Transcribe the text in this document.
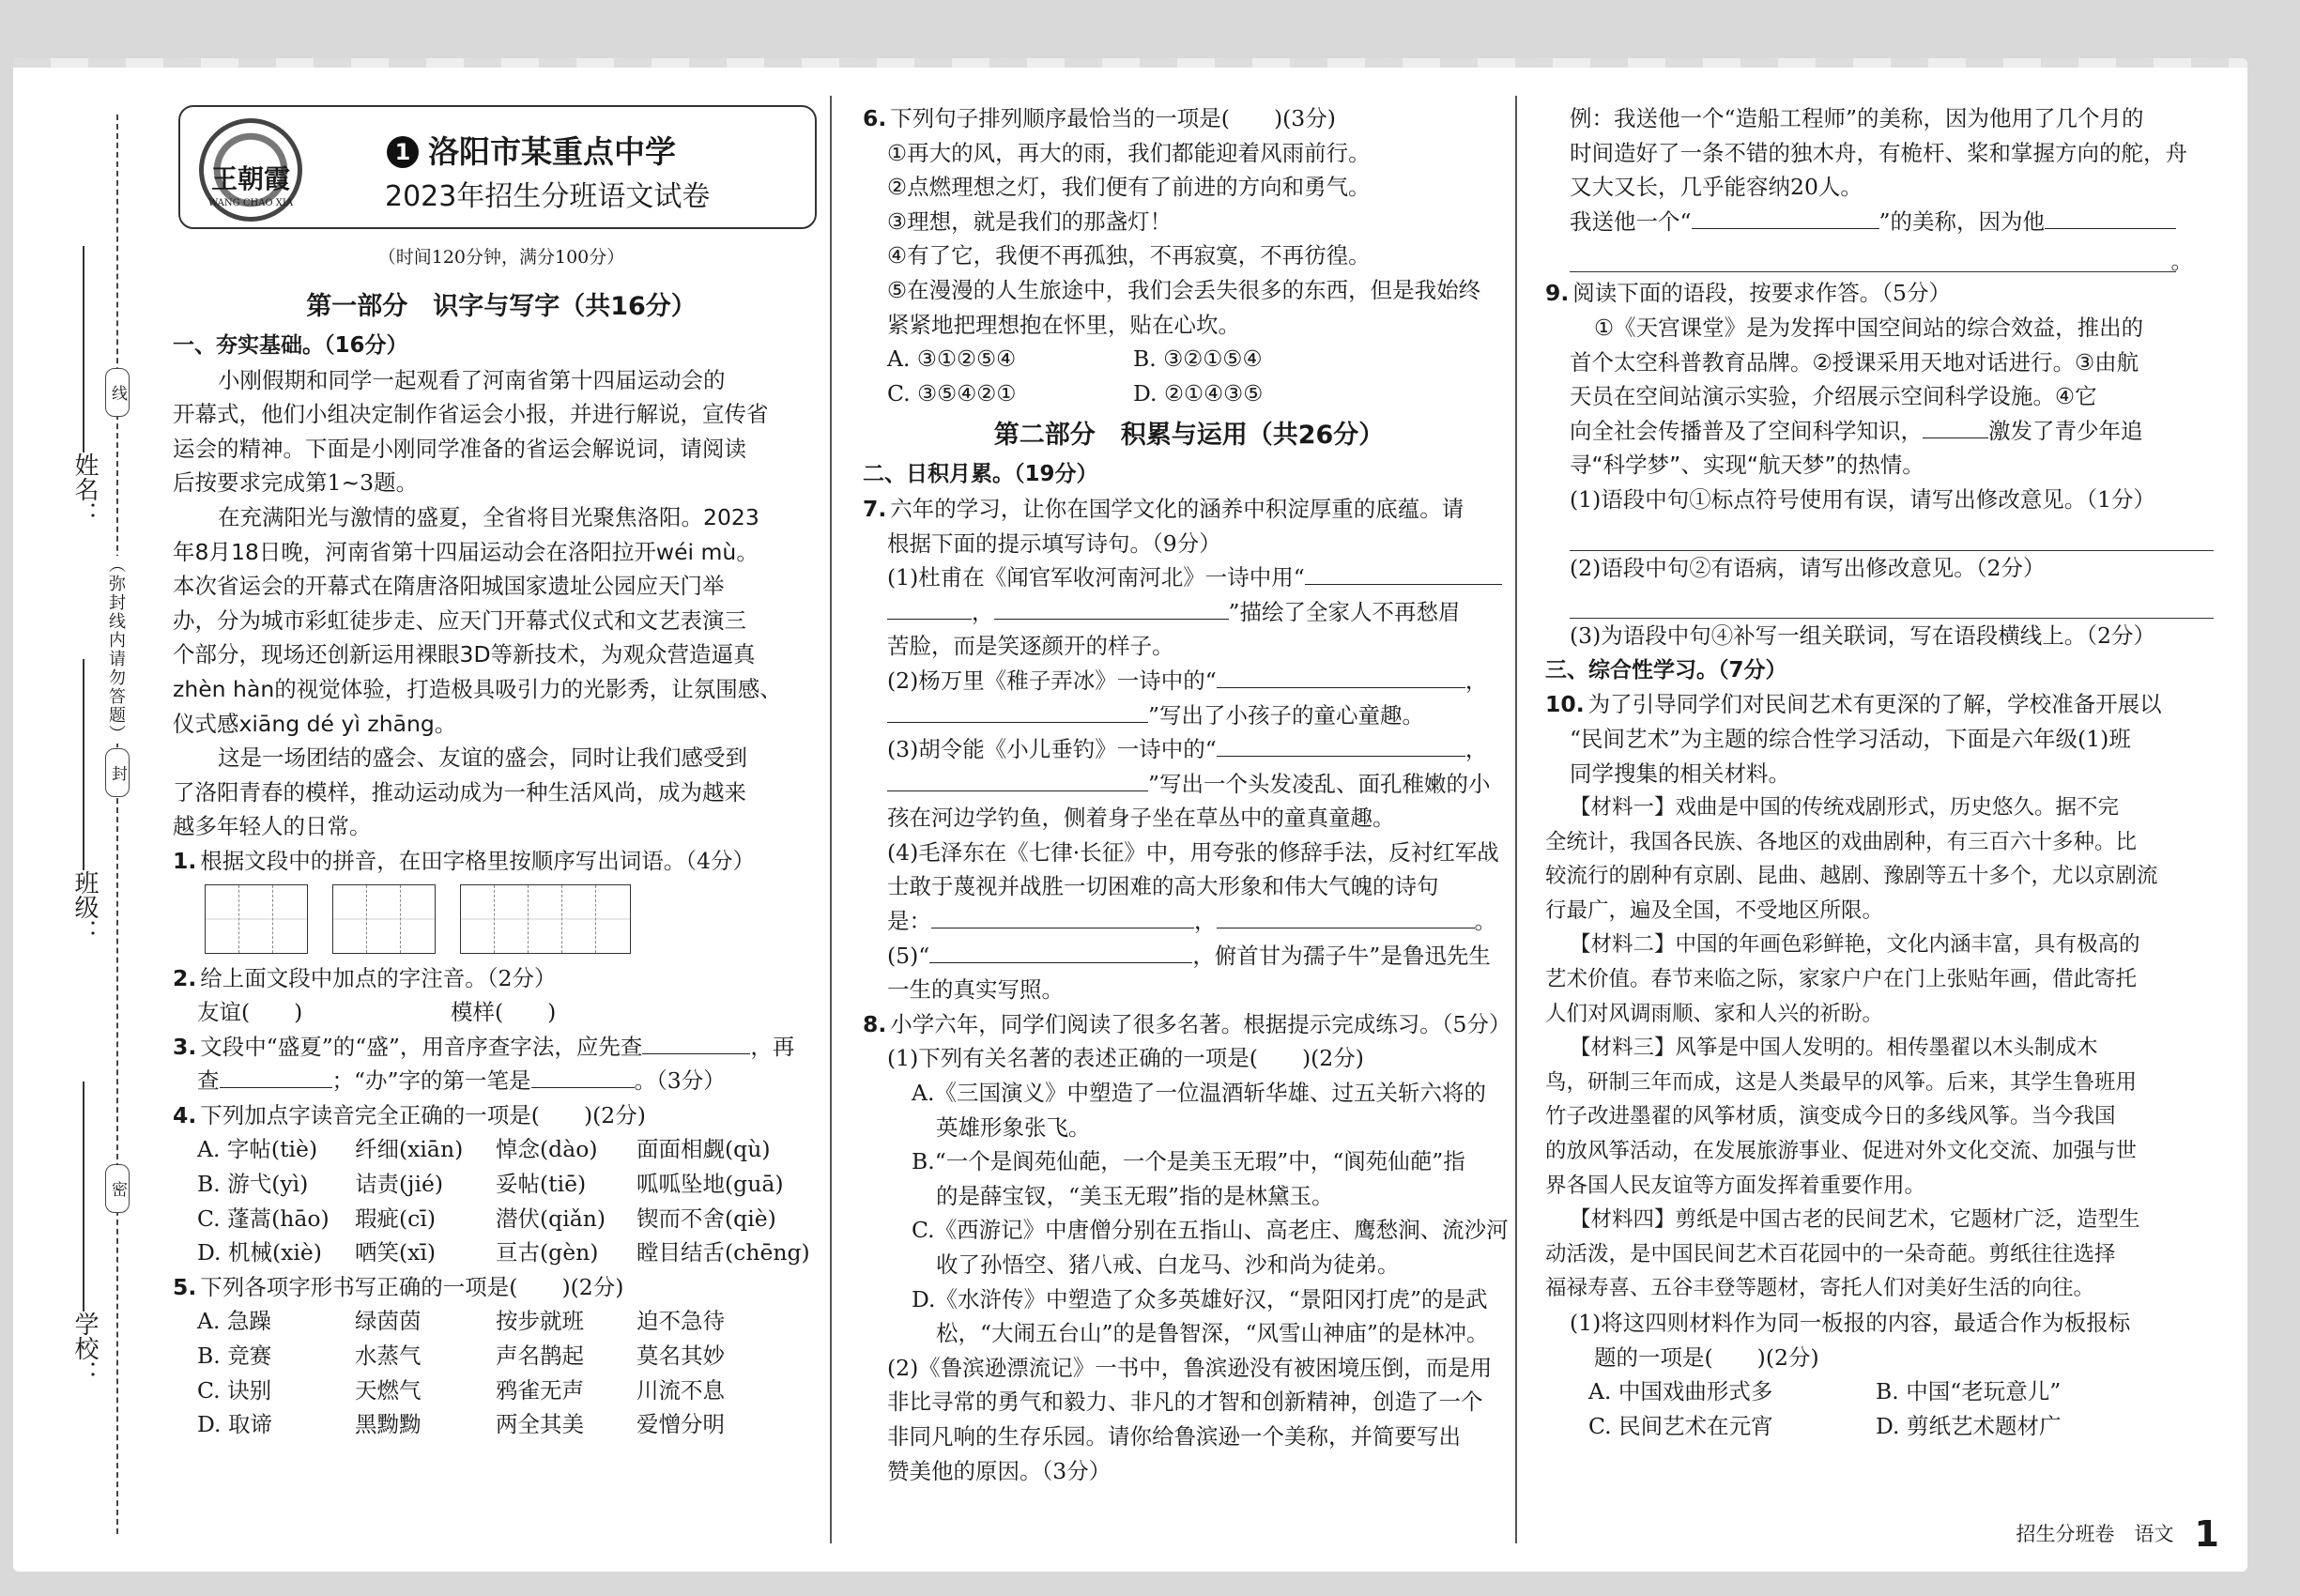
姓名：
班级：
学校：
线
封
密
（弥封线内请勿答题）
王朝霞
WANG CHAO XIA
1 洛阳市某重点中学
2023年招生分班语文试卷
（时间120分钟，满分100分）
第一部分　识字与写字（共16分）
一、夯实基础。（16分）
小刚假期和同学一起观看了河南省第十四届运动会的
开幕式，他们小组决定制作省运会小报，并进行解说，宣传省
运会的精神。下面是小刚同学准备的省运会解说词，请阅读
后按要求完成第1~3题。
在充满阳光与激情的盛夏，全省将目光聚焦洛阳。2023
年8月18日晚，河南省第十四届运动会在洛阳拉开wéi mù。
本次省运会的开幕式在隋唐洛阳城国家遗址公园应天门举
办，分为城市彩虹徒步走、应天门开幕式仪式和文艺表演三
个部分，现场还创新运用裸眼3D等新技术，为观众营造逼真
zhèn hàn的视觉体验，打造极具吸引力的光影秀，让氛围感、
仪式感xiāng dé yì zhāng。
这是一场团结的盛会、友谊的盛会，同时让我们感受到
了洛阳青春的模样，推动运动成为一种生活风尚，成为越来
越多年轻人的日常。
1. 根据文段中的拼音，在田字格里按顺序写出词语。（4分）
2. 给上面文段中加点的字注音。（2分）
友谊(　　)	模样(　　)
3. 文段中“盛夏”的“盛”，用音序查字法，应先查	，再
查	；“办”字的第一笔是	。（3分）
4. 下列加点字读音完全正确的一项是(　　)(2分)
A. 字帖(tiè)	纤细(xiān)	悼念(dào)	面面相觑(qù)
B. 游弋(yì)	诘责(jié)	妥帖(tiē)	呱呱坠地(guā)
C. 蓬蒿(hāo)	瑕疵(cī)	潜伏(qiǎn)	锲而不舍(qiè)
D. 机械(xiè)	哂笑(xī)	亘古(gèn)	瞠目结舌(chēng)
5. 下列各项字形书写正确的一项是(　　)(2分)
A. 急躁	绿茵茵	按步就班	迫不急待
B. 竞赛	水蒸气	声名鹊起	莫名其妙
C. 诀别	天燃气	鸦雀无声	川流不息
D. 取谛	黑黝黝	两全其美	爱憎分明
6. 下列句子排列顺序最恰当的一项是(　　)(3分)
①再大的风，再大的雨，我们都能迎着风雨前行。
②点燃理想之灯，我们便有了前进的方向和勇气。
③理想，就是我们的那盏灯！
④有了它，我便不再孤独，不再寂寞，不再彷徨。
⑤在漫漫的人生旅途中，我们会丢失很多的东西，但是我始终
紧紧地把理想抱在怀里，贴在心坎。
A. ③①②⑤④	B. ③②①⑤④
C. ③⑤④②①	D. ②①④③⑤
第二部分　积累与运用（共26分）
二、日积月累。（19分）
7. 六年的学习，让你在国学文化的涵养中积淀厚重的底蕴。请
根据下面的提示填写诗句。（9分）
(1)杜甫在《闻官军收河南河北》一诗中用“
，	”描绘了全家人不再愁眉
苦脸，而是笑逐颜开的样子。
(2)杨万里《稚子弄冰》一诗中的“	，
”写出了小孩子的童心童趣。
(3)胡令能《小儿垂钓》一诗中的“	，
”写出一个头发凌乱、面孔稚嫩的小
孩在河边学钓鱼，侧着身子坐在草丛中的童真童趣。
(4)毛泽东在《七律·长征》中，用夸张的修辞手法，反衬红军战
士敢于蔑视并战胜一切困难的高大形象和伟大气魄的诗句
是：	，	。
(5)“	，俯首甘为孺子牛”是鲁迅先生
一生的真实写照。
8. 小学六年，同学们阅读了很多名著。根据提示完成练习。（5分）
(1)下列有关名著的表述正确的一项是(　　)(2分)
A.《三国演义》中塑造了一位温酒斩华雄、过五关斩六将的
英雄形象张飞。
B.“一个是阆苑仙葩，一个是美玉无瑕”中，“阆苑仙葩”指
的是薛宝钗，“美玉无瑕”指的是林黛玉。
C.《西游记》中唐僧分别在五指山、高老庄、鹰愁涧、流沙河
收了孙悟空、猪八戒、白龙马、沙和尚为徒弟。
D.《水浒传》中塑造了众多英雄好汉，“景阳冈打虎”的是武
松，“大闹五台山”的是鲁智深，“风雪山神庙”的是林冲。
(2)《鲁滨逊漂流记》一书中，鲁滨逊没有被困境压倒，而是用
非比寻常的勇气和毅力、非凡的才智和创新精神，创造了一个
非同凡响的生存乐园。请你给鲁滨逊一个美称，并简要写出
赞美他的原因。（3分）
例：我送他一个“造船工程师”的美称，因为他用了几个月的
时间造好了一条不错的独木舟，有桅杆、桨和掌握方向的舵，舟
又大又长，几乎能容纳20人。
我送他一个“	”的美称，因为他
。
9. 阅读下面的语段，按要求作答。（5分）
①《天宫课堂》是为发挥中国空间站的综合效益，推出的
首个太空科普教育品牌。②授课采用天地对话进行。③由航
天员在空间站演示实验，介绍展示空间科学设施。④它
向全社会传播普及了空间科学知识，	激发了青少年追
寻“科学梦”、实现“航天梦”的热情。
(1)语段中句①标点符号使用有误，请写出修改意见。（1分）
(2)语段中句②有语病，请写出修改意见。（2分）
(3)为语段中句④补写一组关联词，写在语段横线上。（2分）
三、综合性学习。（7分）
10. 为了引导同学们对民间艺术有更深的了解，学校准备开展以
“民间艺术”为主题的综合性学习活动，下面是六年级(1)班
同学搜集的相关材料。
【材料一】戏曲是中国的传统戏剧形式，历史悠久。据不完
全统计，我国各民族、各地区的戏曲剧种，有三百六十多种。比
较流行的剧种有京剧、昆曲、越剧、豫剧等五十多个，尤以京剧流
行最广，遍及全国，不受地区所限。
【材料二】中国的年画色彩鲜艳，文化内涵丰富，具有极高的
艺术价值。春节来临之际，家家户户在门上张贴年画，借此寄托
人们对风调雨顺、家和人兴的祈盼。
【材料三】风筝是中国人发明的。相传墨翟以木头制成木
鸟，研制三年而成，这是人类最早的风筝。后来，其学生鲁班用
竹子改进墨翟的风筝材质，演变成今日的多线风筝。当今我国
的放风筝活动，在发展旅游事业、促进对外文化交流、加强与世
界各国人民友谊等方面发挥着重要作用。
【材料四】剪纸是中国古老的民间艺术，它题材广泛，造型生
动活泼，是中国民间艺术百花园中的一朵奇葩。剪纸往往选择
福禄寿喜、五谷丰登等题材，寄托人们对美好生活的向往。
(1)将这四则材料作为同一板报的内容，最适合作为板报标
题的一项是(　　)(2分)
A. 中国戏曲形式多	B. 中国“老玩意儿”
C. 民间艺术在元宵	D. 剪纸艺术题材广
招生分班卷　语文 1
